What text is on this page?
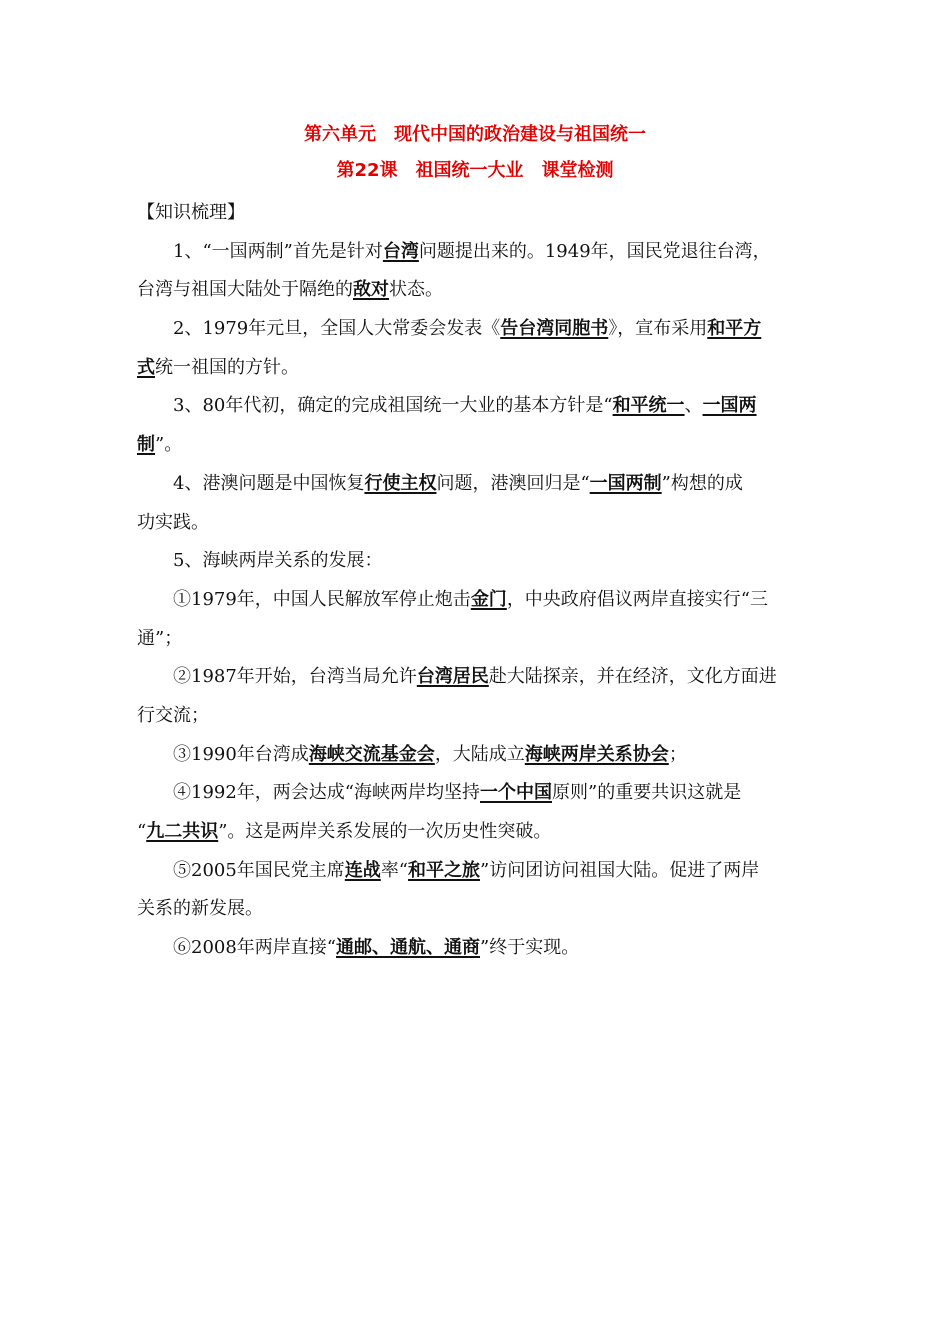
第六单元　现代中国的政治建设与祖国统一
第22课　祖国统一大业　课堂检测
【知识梳理】
1、“一国两制”首先是针对台湾问题提出来的。1949年，国民党退往台湾，
台湾与祖国大陆处于隔绝的敌对状态。
2、1979年元旦，全国人大常委会发表《告台湾同胞书》，宣布采用和平方
式统一祖国的方针。
3、80年代初，确定的完成祖国统一大业的基本方针是“和平统一、一国两
制”。
4、港澳问题是中国恢复行使主权问题，港澳回归是“一国两制”构想的成
功实践。
5、海峡两岸关系的发展：
①1979年，中国人民解放军停止炮击金门，中央政府倡议两岸直接实行“三
通”；
②1987年开始，台湾当局允许台湾居民赴大陆探亲，并在经济，文化方面进
行交流；
③1990年台湾成海峡交流基金会，大陆成立海峡两岸关系协会；
④1992年，两会达成“海峡两岸均坚持一个中国原则”的重要共识这就是
“九二共识”。这是两岸关系发展的一次历史性突破。
⑤2005年国民党主席连战率“和平之旅”访问团访问祖国大陆。促进了两岸
关系的新发展。
⑥2008年两岸直接“通邮、通航、通商”终于实现。
